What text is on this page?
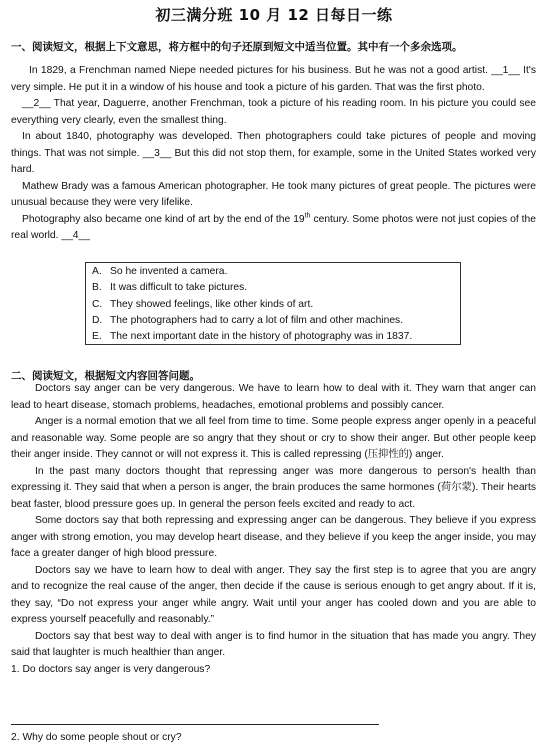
初三满分班 10 月 12 日每日一练
一、阅读短文，根据上下文意思，将方框中的句子还原到短文中适当位置。其中有一个多余选项。

In 1829, a Frenchman named Niepe needed pictures for his business. But he was not a good artist. __1__ It's very simple. He put it in a window of his house and took a picture of his garden. That was the first photo.

__2__ That year, Daguerre, another Frenchman, took a picture of his reading room. In his picture you could see everything very clearly, even the smallest thing.

In about 1840, photography was developed. Then photographers could take pictures of people and moving things. That was not simple. __3__ But this did not stop them, for example, some in the United States worked very hard.

Mathew Brady was a famous American photographer. He took many pictures of great people. The pictures were unusual because they were very lifelike.

Photography also became one kind of art by the end of the 19th century. Some photos were not just copies of the real world. __4__

A. So he invented a camera.
B. It was difficult to take pictures.
C. They showed feelings, like other kinds of art.
D. The photographers had to carry a lot of film and other machines.
E. The next important date in the history of photography was in 1837.
二、阅读短文，根据短文内容回答问题。

Doctors say anger can be very dangerous. We have to learn how to deal with it. They warn that anger can lead to heart disease, stomach problems, headaches, emotional problems and possibly cancer.

Anger is a normal emotion that we all feel from time to time. Some people express anger openly in a peaceful and reasonable way. Some people are so angry that they shout or cry to show their anger. But other people keep their anger inside. They cannot or will not express it. This is called repressing (压抑性的) anger.

In the past many doctors thought that repressing anger was more dangerous to person's health than expressing it. They said that when a person is anger, the brain produces the same hormones (荷尔蒙). Their hearts beat faster, blood pressure goes up. In general the person feels excited and ready to act.

Some doctors say that both repressing and expressing anger can be dangerous. They believe if you express anger with strong emotion, you may develop heart disease, and they believe if you keep the anger inside, you may face a greater danger of high blood pressure.

Doctors say we have to learn how to deal with anger. They say the first step is to agree that you are angry and to recognize the real cause of the anger, then decide if the cause is serious enough to get angry about. If it is, they say, “Do not express your anger while angry. Wait until your anger has cooled down and you are able to express yourself peacefully and reasonably.”

Doctors say that best way to deal with anger is to find humor in the situation that has made you angry. They said that laughter is much healthier than anger.

1. Do doctors say anger is very dangerous?

2. Why do some people shout or cry?
